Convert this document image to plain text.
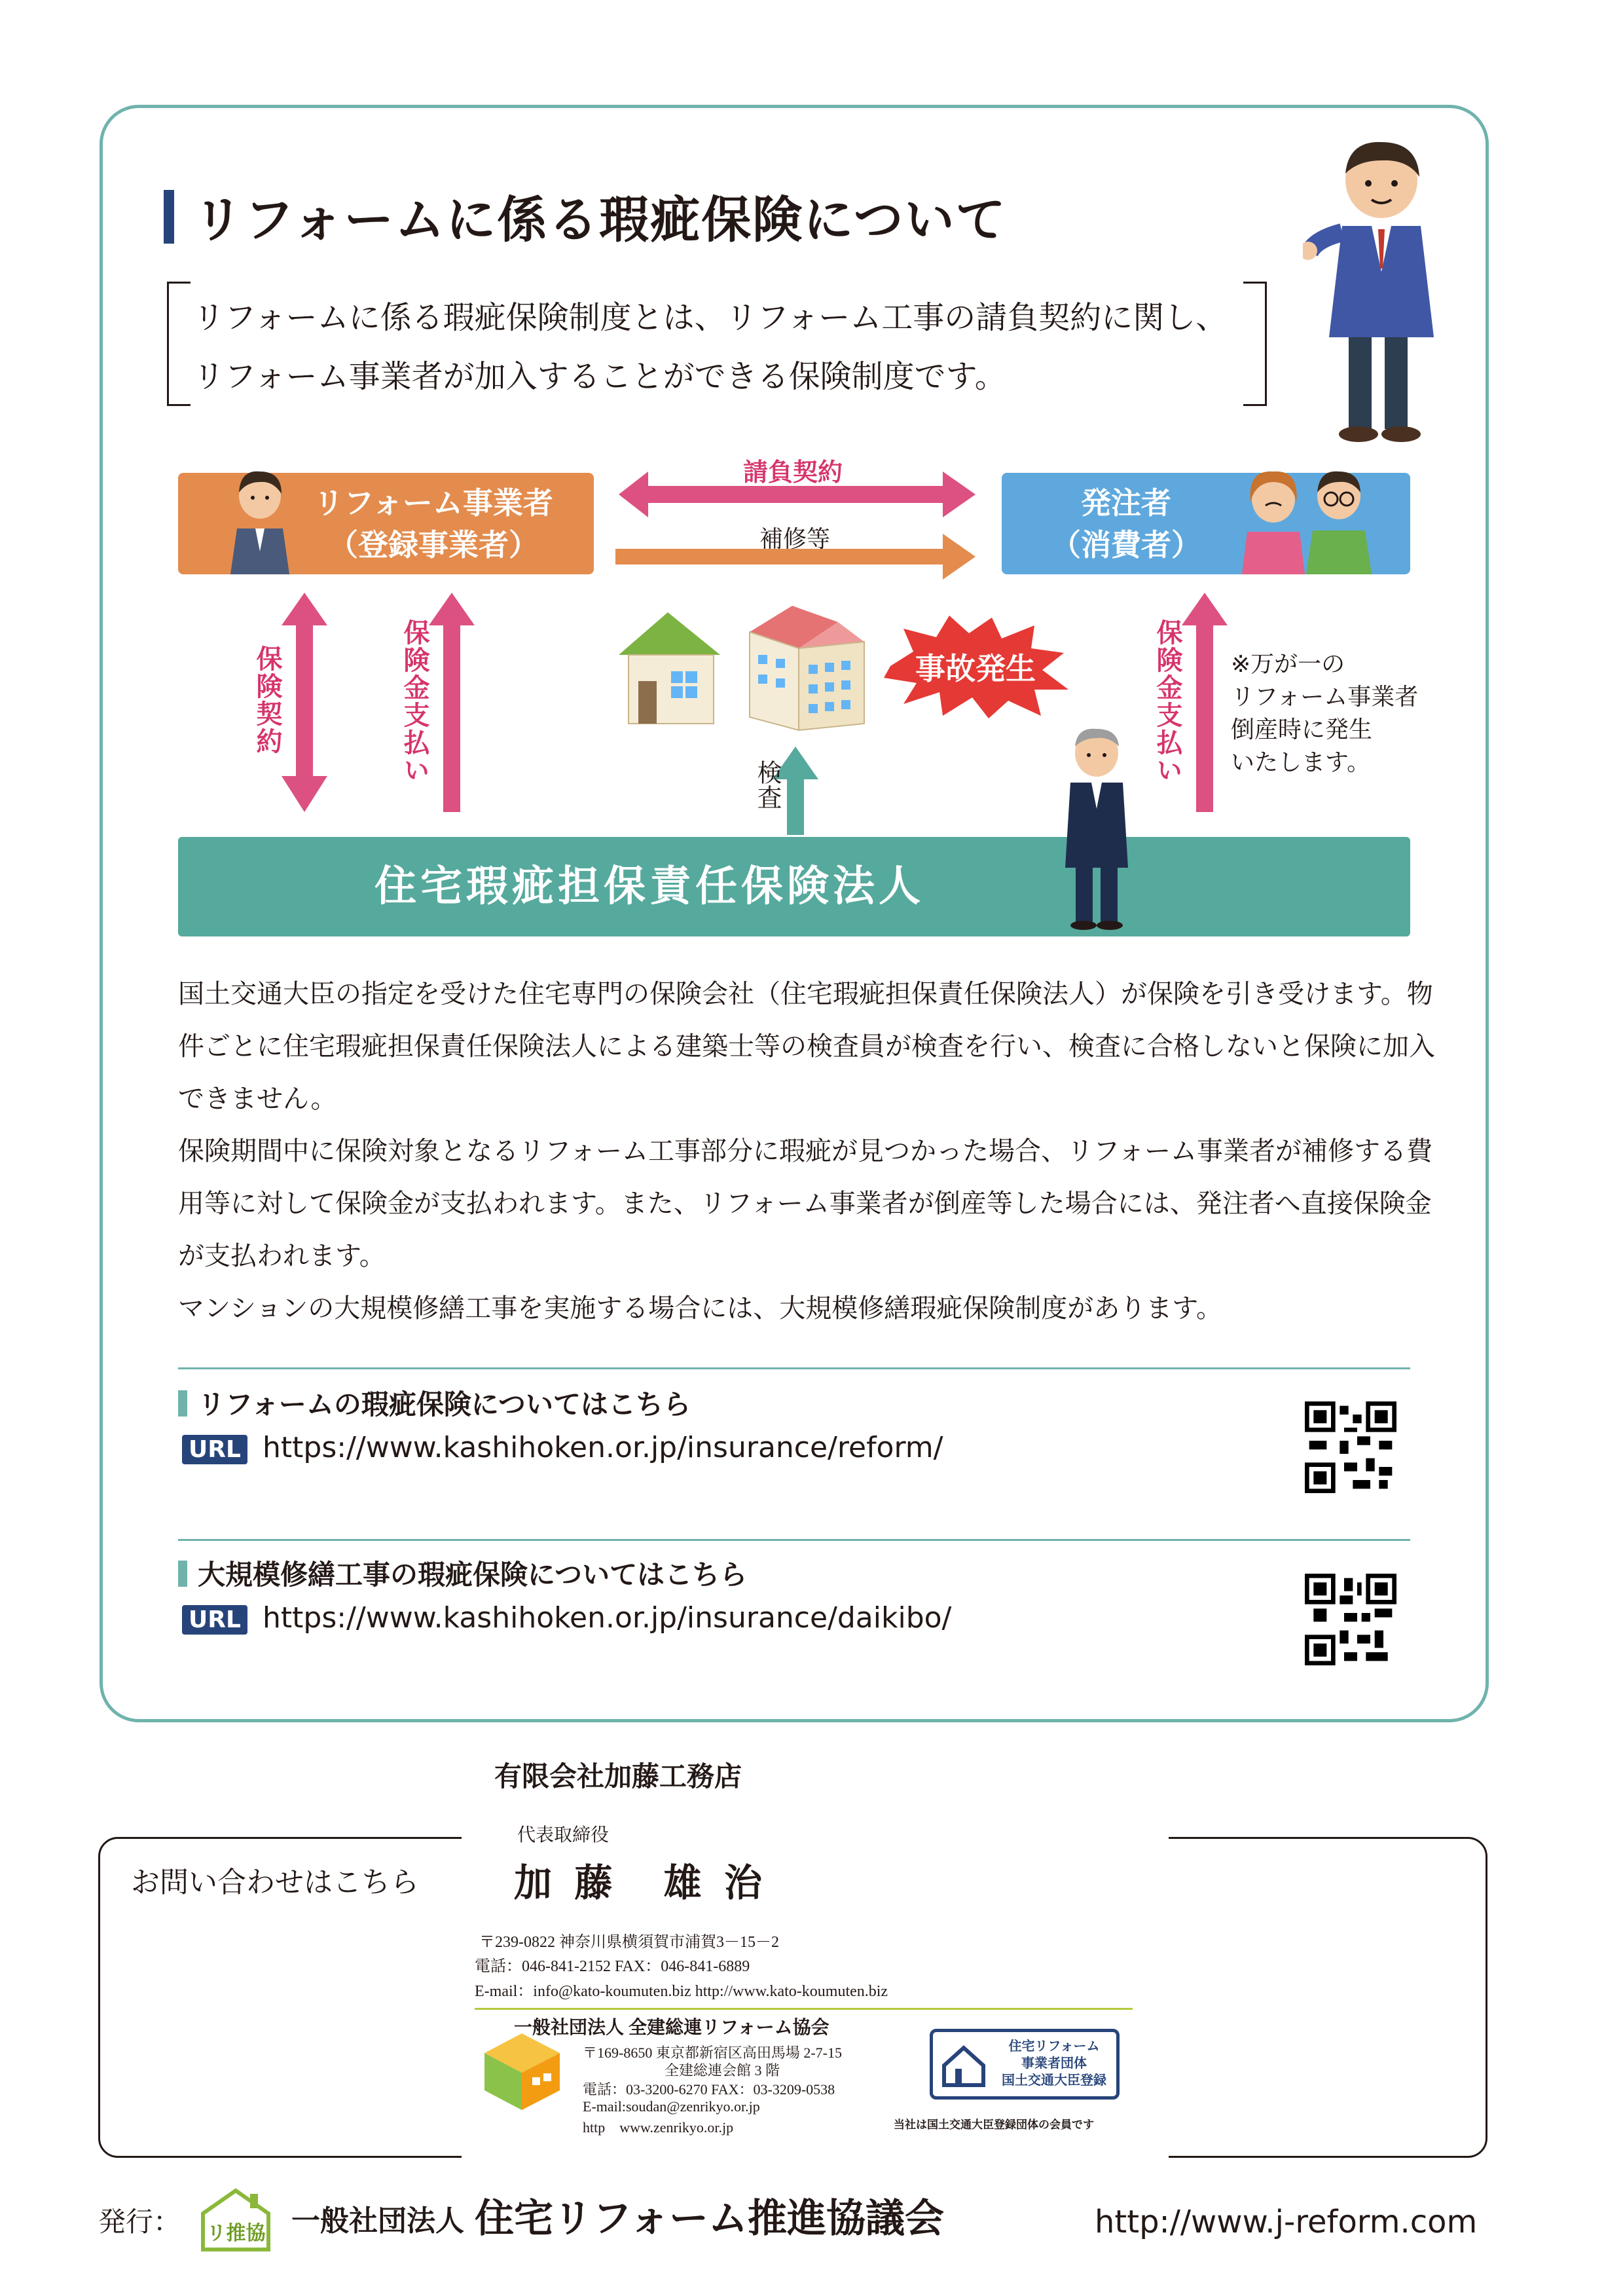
リフォームに係る瑕疵保険について

リフォームに係る瑕疵保険制度とは、リフォーム工事の請負契約に関し、
リフォーム事業者が加入することができる保険制度です。

リフォーム事業者
（登録事業者）
発注者
（消費者）
請負契約
補修等
保険契約	保険金支払い	保険金支払い
検査
事故発生	※万が一の
リフォーム事業者
倒産時に発生
いたします。
住宅瑕疵担保責任保険法人

国土交通大臣の指定を受けた住宅専門の保険会社（住宅瑕疵担保責任保険法人）が保険を引き受けます。物件ごとに住宅瑕疵担保責任保険法人による建築士等の検査員が検査を行い、検査に合格しないと保険に加入できません。

保険期間中に保険対象となるリフォーム工事部分に瑕疵が見つかった場合、リフォーム事業者が補修する費用等に対して保険金が支払われます。また、リフォーム事業者が倒産等した場合には、発注者へ直接保険金が支払われます。

マンションの大規模修繕工事を実施する場合には、大規模修繕瑕疵保険制度があります。

リフォームの瑕疵保険についてはこちら
URL https://www.kashihoken.or.jp/insurance/reform/
大規模修繕工事の瑕疵保険についてはこちら
URL https://www.kashihoken.or.jp/insurance/daikibo/
お問い合わせはこちら
有限会社加藤工務店
代表取締役
加 藤　雄 治
〒239-0822 神奈川県横須賀市浦賀3－15－2
電話：046-841-2152 FAX：046-841-6889
E-mail：info@kato-koumuten.biz http://www.kato-koumuten.biz
一般社団法人 全建総連リフォーム協会
〒169-8650 東京都新宿区高田馬場 2-7-15
全建総連会館 3 階
電話：03-3200-6270 FAX：03-3209-0538
E-mail:soudan@zenrikyo.or.jp
http　www.zenrikyo.or.jp
住宅リフォーム
事業者団体
国土交通大臣登録
当社は国土交通大臣登録団体の会員です
発行： リ推協 一般社団法人 住宅リフォーム推進協議会	http://www.j-reform.com
